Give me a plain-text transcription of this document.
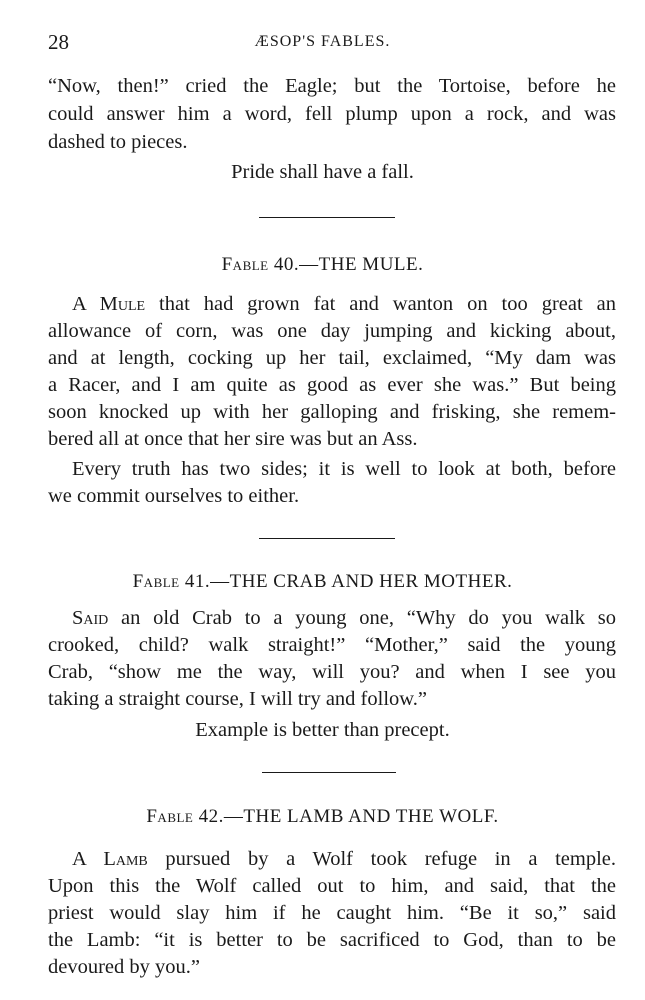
28	ÆSOP'S FABLES.
“Now, then!” cried the Eagle; but the Tortoise, before he
could answer him a word, fell plump upon a rock, and was
dashed to pieces.
Pride shall have a fall.
Fable 40.—THE MULE.
A Mule that had grown fat and wanton on too great an
allowance of corn, was one day jumping and kicking about,
and at length, cocking up her tail, exclaimed, “My dam was
a Racer, and I am quite as good as ever she was.” But being
soon knocked up with her galloping and frisking, she remem-
bered all at once that her sire was but an Ass.
Every truth has two sides; it is well to look at both, before
we commit ourselves to either.
Fable 41.—THE CRAB AND HER MOTHER.
Said an old Crab to a young one, “Why do you walk so
crooked, child? walk straight!” “Mother,” said the young
Crab, “show me the way, will you? and when I see you
taking a straight course, I will try and follow.”
Example is better than precept.
Fable 42.—THE LAMB AND THE WOLF.
A Lamb pursued by a Wolf took refuge in a temple.
Upon this the Wolf called out to him, and said, that the
priest would slay him if he caught him. “Be it so,” said
the Lamb: “it is better to be sacrificed to God, than to be
devoured by you.”
